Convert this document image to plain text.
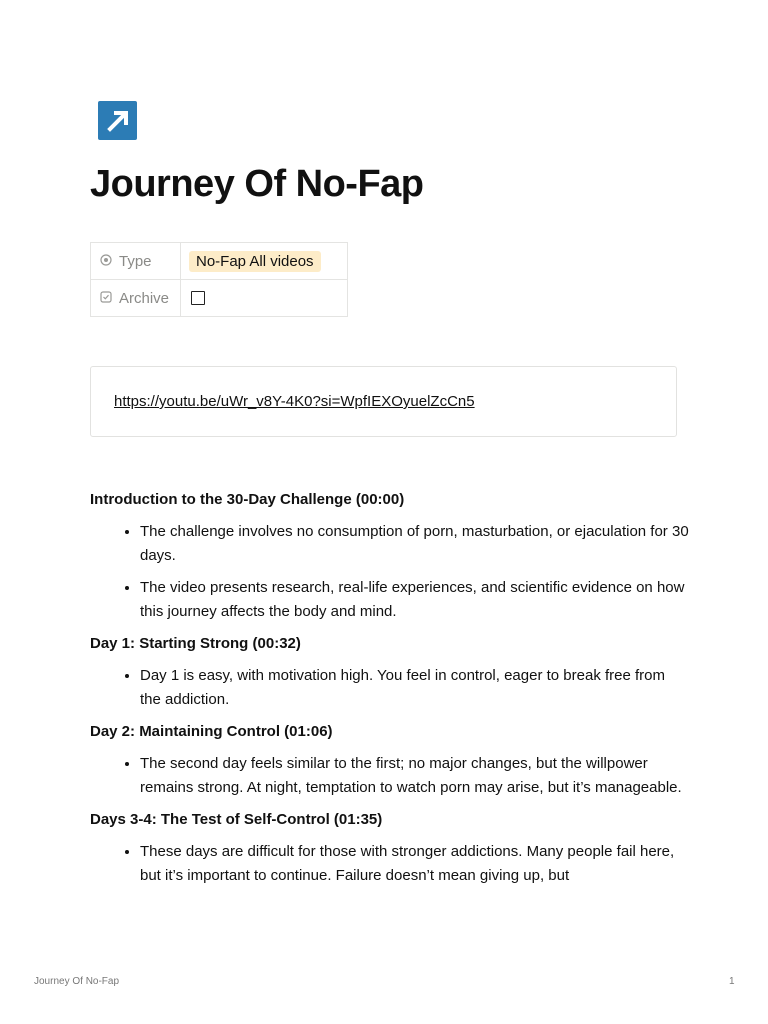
Journey Of No-Fap
Type	No-Fap All videos
Archive
https://youtu.be/uWr_v8Y-4K0?si=WpfIEXOyuelZcCn5
Introduction to the 30-Day Challenge (00:00)
• The challenge involves no consumption of porn, masturbation, or ejaculation for 30 days.
• The video presents research, real-life experiences, and scientific evidence on how this journey affects the body and mind.
Day 1: Starting Strong (00:32)
• Day 1 is easy, with motivation high. You feel in control, eager to break free from the addiction.
Day 2: Maintaining Control (01:06)
• The second day feels similar to the first; no major changes, but the willpower remains strong. At night, temptation to watch porn may arise, but it’s manageable.
Days 3-4: The Test of Self-Control (01:35)
• These days are difficult for those with stronger addictions. Many people fail here, but it’s important to continue. Failure doesn’t mean giving up, but
Journey Of No-Fap	1
